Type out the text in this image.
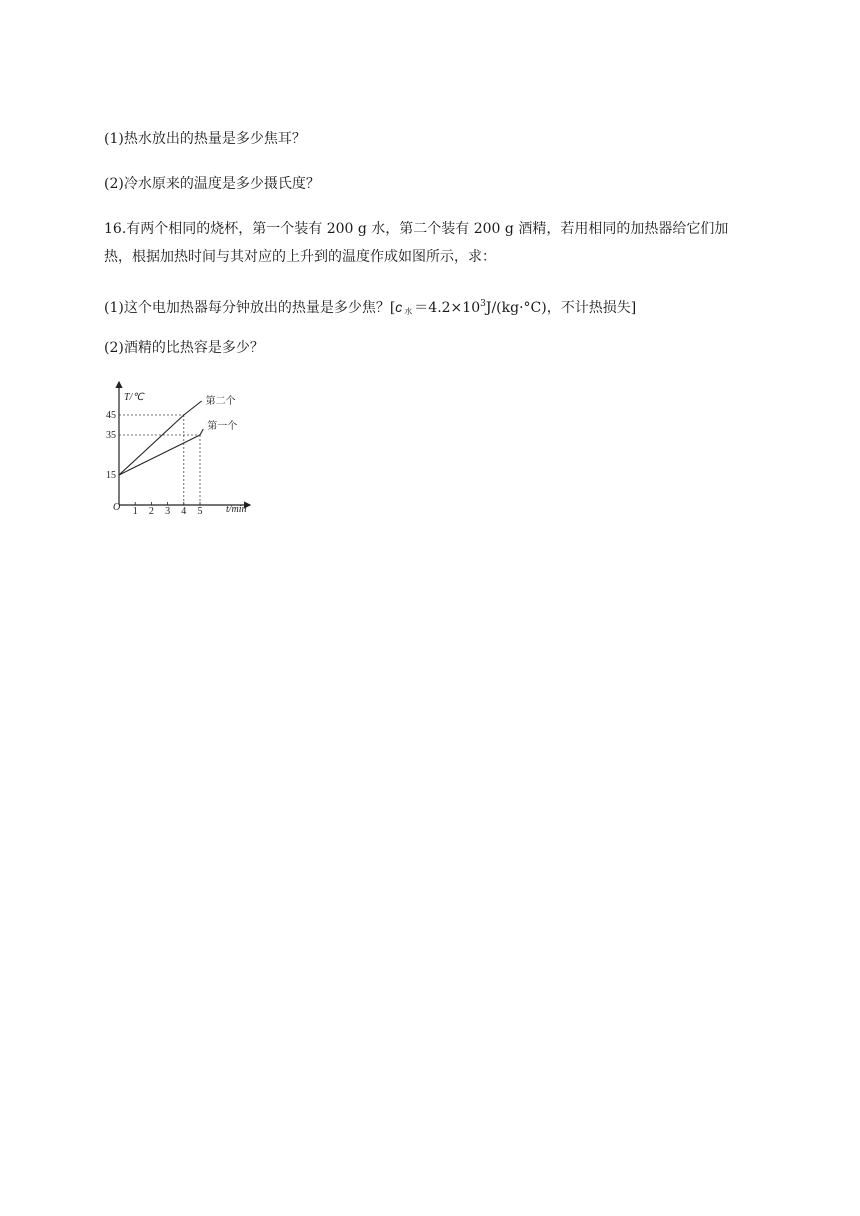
(1)热水放出的热量是多少焦耳？
(2)冷水原来的温度是多少摄氏度？
16.有两个相同的烧杯，第一个装有 200 g 水，第二个装有 200 g 酒精，若用相同的加热器给它们加
热，根据加热时间与其对应的上升到的温度作成如图所示，求：
(1)这个电加热器每分钟放出的热量是多少焦？[c $_水 =4.2\times 10^3J/(kg\cdot^\circ C)$，不计热损失]
(2)酒精的比热容是多少？
第二个
第一个
1 2 3 4 5
15
35
45
T/℃
t/min
O
